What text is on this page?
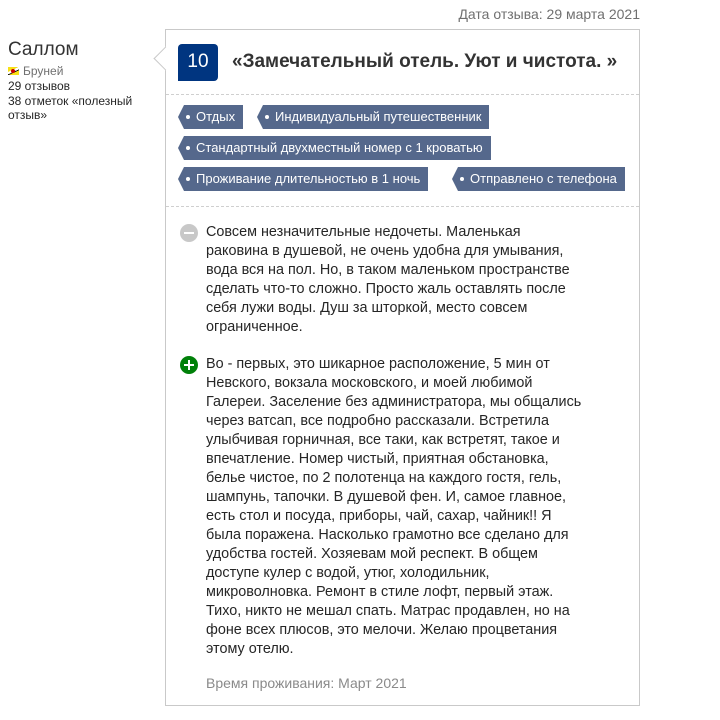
Дата отзыва: 29 марта 2021
Саллом
Бруней
29 отзывов
38 отметок «полезный отзыв»
10	«Замечательный отель. Уют и чистота. »
Отдых	Индивидуальный путешественник
Стандартный двухместный номер с 1 кроватью
Проживание длительностью в 1 ночь	Отправлено с телефона
Совсем незначительные недочеты. Маленькая
раковина в душевой, не очень удобна для умывания,
вода вся на пол. Но, в таком маленьком пространстве
сделать что-то сложно. Просто жаль оставлять после
себя лужи воды. Душ за шторкой, место совсем
ограниченное.
Во - первых, это шикарное расположение, 5 мин от
Невского, вокзала московского, и моей любимой
Галереи. Заселение без администратора, мы общались
через ватсап, все подробно рассказали. Встретила
улыбчивая горничная, все таки, как встретят, такое и
впечатление. Номер чистый, приятная обстановка,
белье чистое, по 2 полотенца на каждого гостя, гель,
шампунь, тапочки. В душевой фен. И, самое главное,
есть стол и посуда, приборы, чай, сахар, чайник!! Я
была поражена. Насколько грамотно все сделано для
удобства гостей. Хозяевам мой респект. В общем
доступе кулер с водой, утюг, холодильник,
микроволновка. Ремонт в стиле лофт, первый этаж.
Тихо, никто не мешал спать. Матрас продавлен, но на
фоне всех плюсов, это мелочи. Желаю процветания
этому отелю.
Время проживания: Март 2021
